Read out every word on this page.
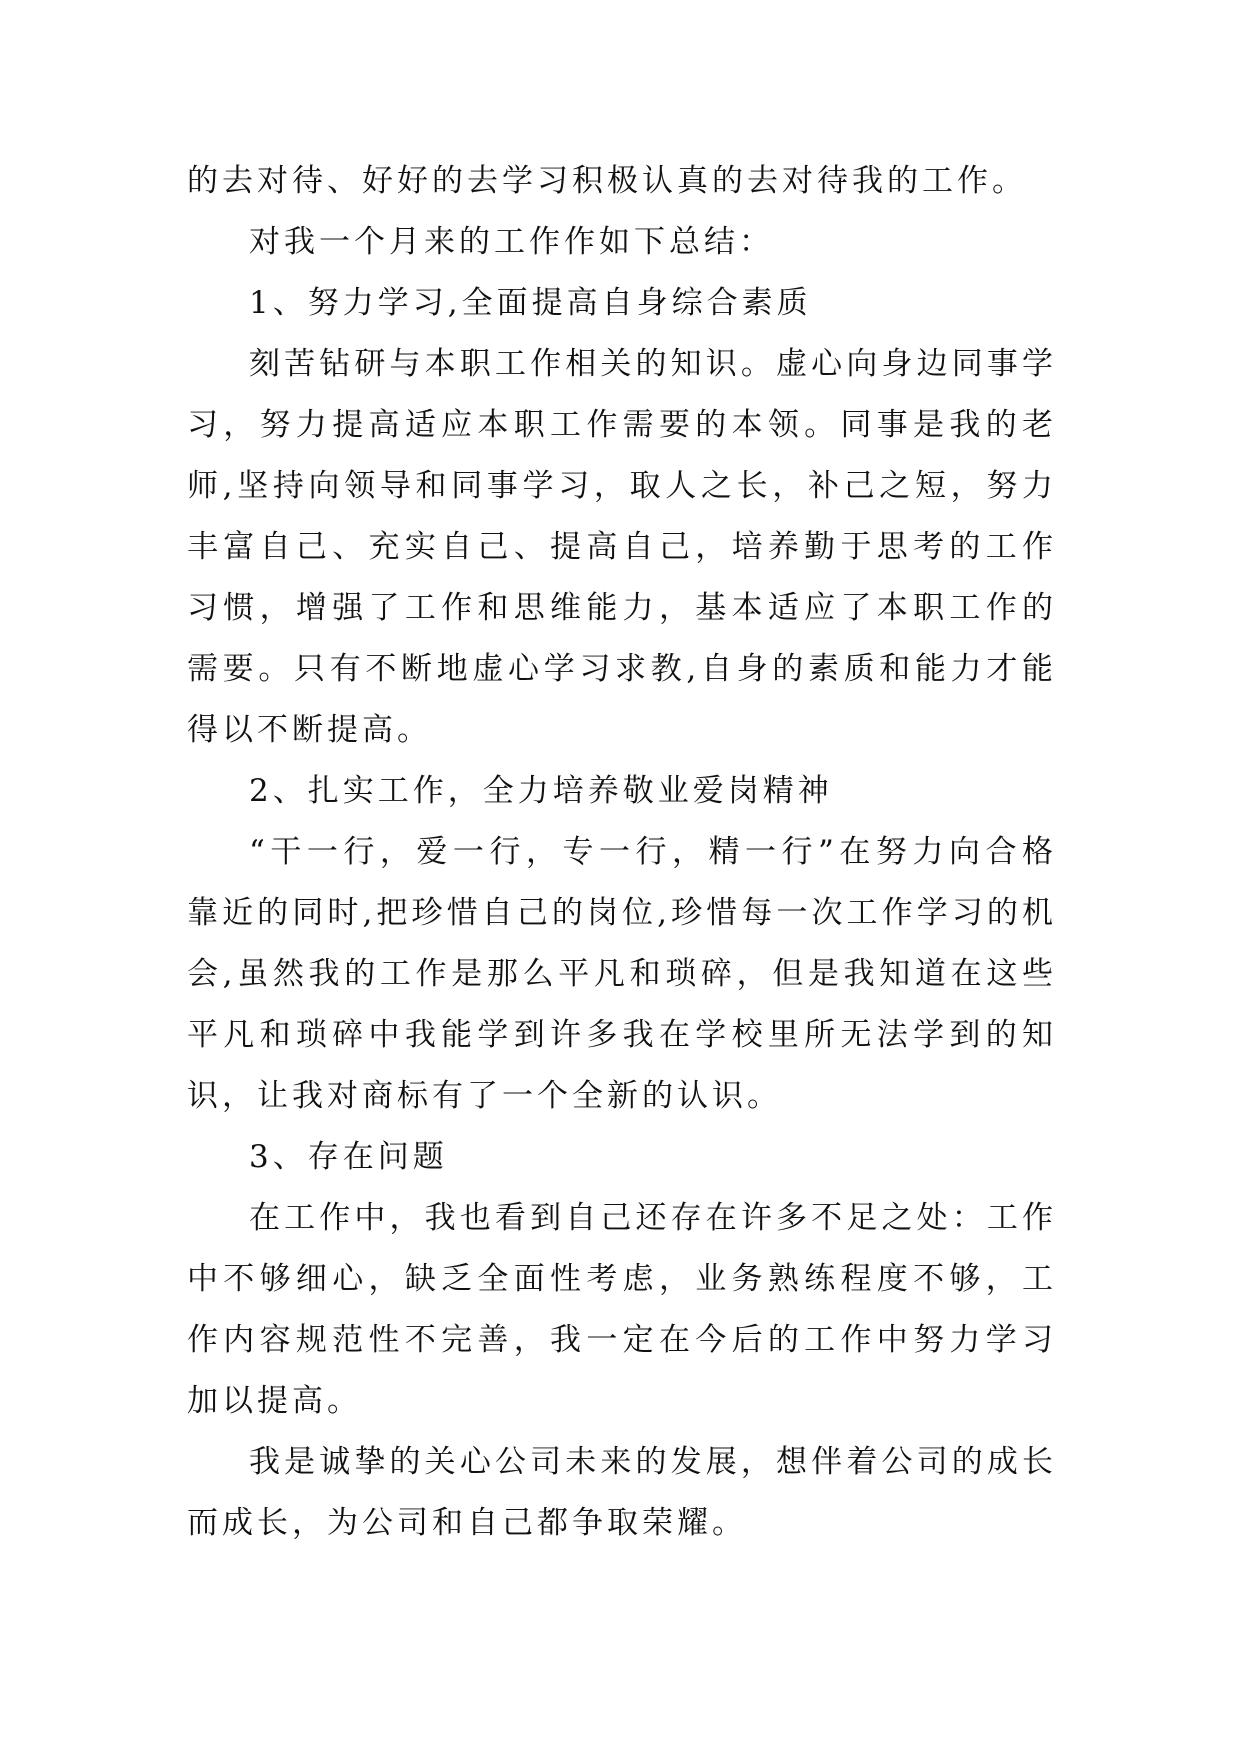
的去对待、好好的去学习积极认真的去对待我的工作。

对我一个月来的工作作如下总结：

1、努力学习,全面提高自身综合素质

刻苦钻研与本职工作相关的知识。虚心向身边同事学习，努力提高适应本职工作需要的本领。同事是我的老师,坚持向领导和同事学习，取人之长，补己之短，努力丰富自己、充实自己、提高自己，培养勤于思考的工作习惯，增强了工作和思维能力，基本适应了本职工作的需要。只有不断地虚心学习求教,自身的素质和能力才能得以不断提高。

2、扎实工作，全力培养敬业爱岗精神

“干一行，爱一行，专一行，精一行”在努力向合格靠近的同时,把珍惜自己的岗位,珍惜每一次工作学习的机会,虽然我的工作是那么平凡和琐碎，但是我知道在这些平凡和琐碎中我能学到许多我在学校里所无法学到的知识，让我对商标有了一个全新的认识。

3、存在问题

在工作中，我也看到自己还存在许多不足之处：工作中不够细心，缺乏全面性考虑，业务熟练程度不够，工作内容规范性不完善，我一定在今后的工作中努力学习加以提高。

我是诚挚的关心公司未来的发展，想伴着公司的成长而成长，为公司和自己都争取荣耀。
